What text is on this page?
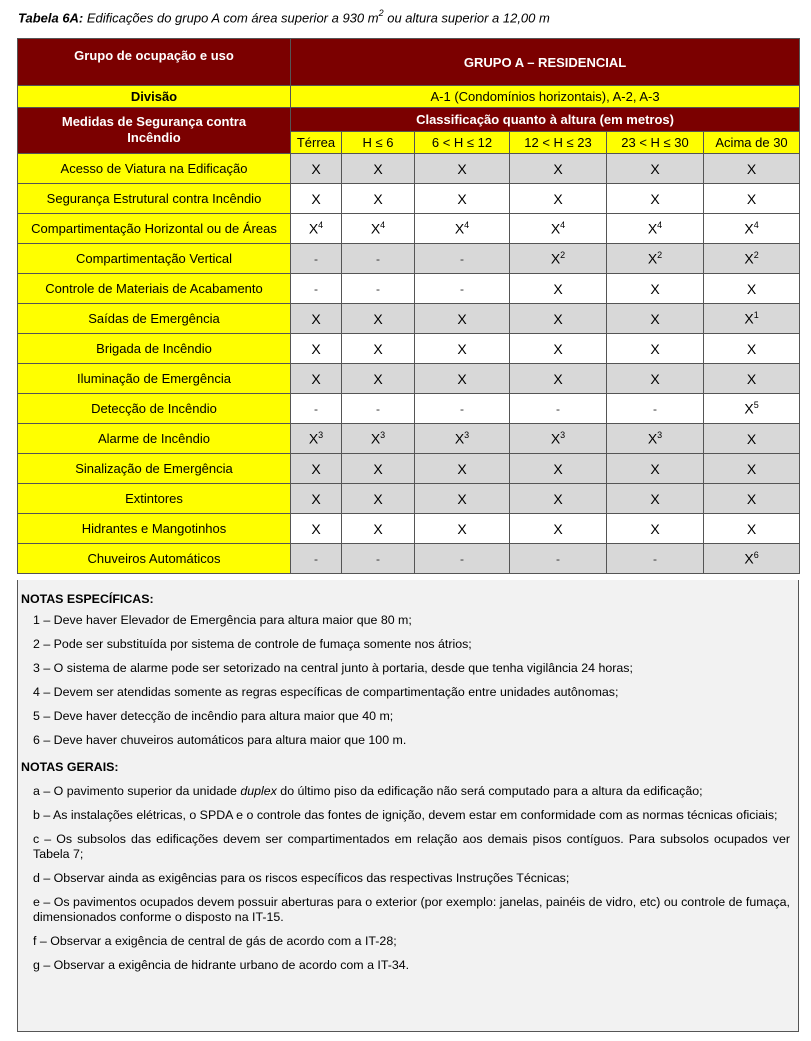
Tabela 6A: Edificações do grupo A com área superior a 930 $m^2$ ou altura superior a 12,00 m
Grupo de ocupação e uso	GRUPO A – RESIDENCIAL					
Divisão	A-1 (Condomínios horizontais), A-2, A-3					
Medidas de Segurança contra Incêndio	Classificação quanto à altura (em metros)					
	Térrea	H ≤ 6	6 < H ≤ 12	12 < H ≤ 23	23 < H ≤ 30	Acima de 30
Acesso de Viatura na Edificação	X	X	X	X	X	X
Segurança Estrutural contra Incêndio	X	X	X	X	X	X
Compartimentação Horizontal ou de Áreas	$X^4$	$X^4$	$X^4$	$X^4$	$X^4$	$X^4$
Compartimentação Vertical	-	-	-	$X^2$	$X^2$	$X^2$
Controle de Materiais de Acabamento	-	-	-	X	X	X
Saídas de Emergência	X	X	X	X	X	$X^1$
Brigada de Incêndio	X	X	X	X	X	X
Iluminação de Emergência	X	X	X	X	X	X
Detecção de Incêndio	-	-	-	-	-	$X^5$
Alarme de Incêndio	$X^3$	$X^3$	$X^3$	$X^3$	$X^3$	X
Sinalização de Emergência	X	X	X	X	X	X
Extintores	X	X	X	X	X	X
Hidrantes e Mangotinhos	X	X	X	X	X	X
Chuveiros Automáticos	-	-	-	-	-	$X^6$
NOTAS ESPECÍFICAS:

1 – Deve haver Elevador de Emergência para altura maior que 80 m;

2 – Pode ser substituída por sistema de controle de fumaça somente nos átrios;

3 – O sistema de alarme pode ser setorizado na central junto à portaria, desde que tenha vigilância 24 horas;

4 – Devem ser atendidas somente as regras específicas de compartimentação entre unidades autônomas;

5 – Deve haver detecção de incêndio para altura maior que 40 m;

6 – Deve haver chuveiros automáticos para altura maior que 100 m.

NOTAS GERAIS:

a – O pavimento superior da unidade duplex do último piso da edificação não será computado para a altura da edificação;

b – As instalações elétricas, o SPDA e o controle das fontes de ignição, devem estar em conformidade com as normas técnicas oficiais;

c – Os subsolos das edificações devem ser compartimentados em relação aos demais pisos contíguos. Para subsolos ocupados ver Tabela 7;

d – Observar ainda as exigências para os riscos específicos das respectivas Instruções Técnicas;

e – Os pavimentos ocupados devem possuir aberturas para o exterior (por exemplo: janelas, painéis de vidro, etc) ou controle de fumaça, dimensionados conforme o disposto na IT-15.

f – Observar a exigência de central de gás de acordo com a IT-28;

g – Observar a exigência de hidrante urbano de acordo com a IT-34.
